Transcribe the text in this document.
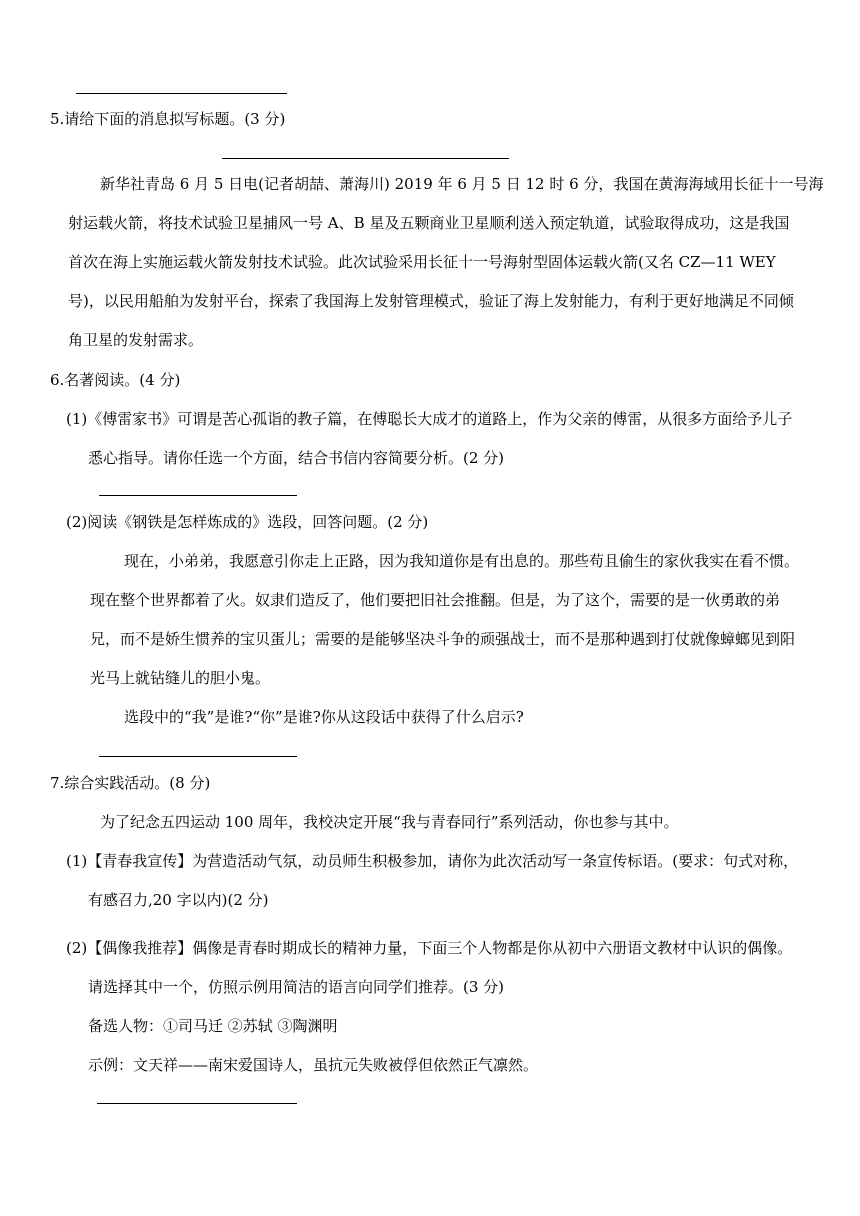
5.请给下面的消息拟写标题。(3 分)
新华社青岛 6 月 5 日电(记者胡喆、萧海川) 2019 年 6 月 5 日 12 时 6 分，我国在黄海海域用长征十一号海
射运载火箭，将技术试验卫星捕风一号 A、B 星及五颗商业卫星顺利送入预定轨道，试验取得成功，这是我国
首次在海上实施运载火箭发射技术试验。此次试验采用长征十一号海射型固体运载火箭(又名 CZ—11 WEY
号)，以民用船舶为发射平台，探索了我国海上发射管理模式，验证了海上发射能力，有利于更好地满足不同倾
角卫星的发射需求。
6.名著阅读。(4 分)
(1)《傅雷家书》可谓是苦心孤诣的教子篇，在傅聪长大成才的道路上，作为父亲的傅雷，从很多方面给予儿子
悉心指导。请你任选一个方面，结合书信内容简要分析。(2 分)
(2)阅读《钢铁是怎样炼成的》选段，回答问题。(2 分)
现在，小弟弟，我愿意引你走上正路，因为我知道你是有出息的。那些苟且偷生的家伙我实在看不惯。
现在整个世界都着了火。奴隶们造反了，他们要把旧社会推翻。但是，为了这个，需要的是一伙勇敢的弟
兄，而不是娇生惯养的宝贝蛋儿；需要的是能够坚决斗争的顽强战士，而不是那种遇到打仗就像蟑螂见到阳
光马上就钻缝儿的胆小鬼。
选段中的“我”是谁?“你”是谁?你从这段话中获得了什么启示?
7.综合实践活动。(8 分)
为了纪念五四运动 100 周年，我校决定开展“我与青春同行”系列活动，你也参与其中。
(1)【青春我宣传】为营造活动气氛，动员师生积极参加，请你为此次活动写一条宣传标语。(要求：句式对称，
有感召力,20 字以内)(2 分)
(2)【偶像我推荐】偶像是青春时期成长的精神力量，下面三个人物都是你从初中六册语文教材中认识的偶像。
请选择其中一个，仿照示例用简洁的语言向同学们推荐。(3 分)
备选人物：①司马迁 ②苏轼 ③陶渊明
示例：文天祥——南宋爱国诗人，虽抗元失败被俘但依然正气凛然。
